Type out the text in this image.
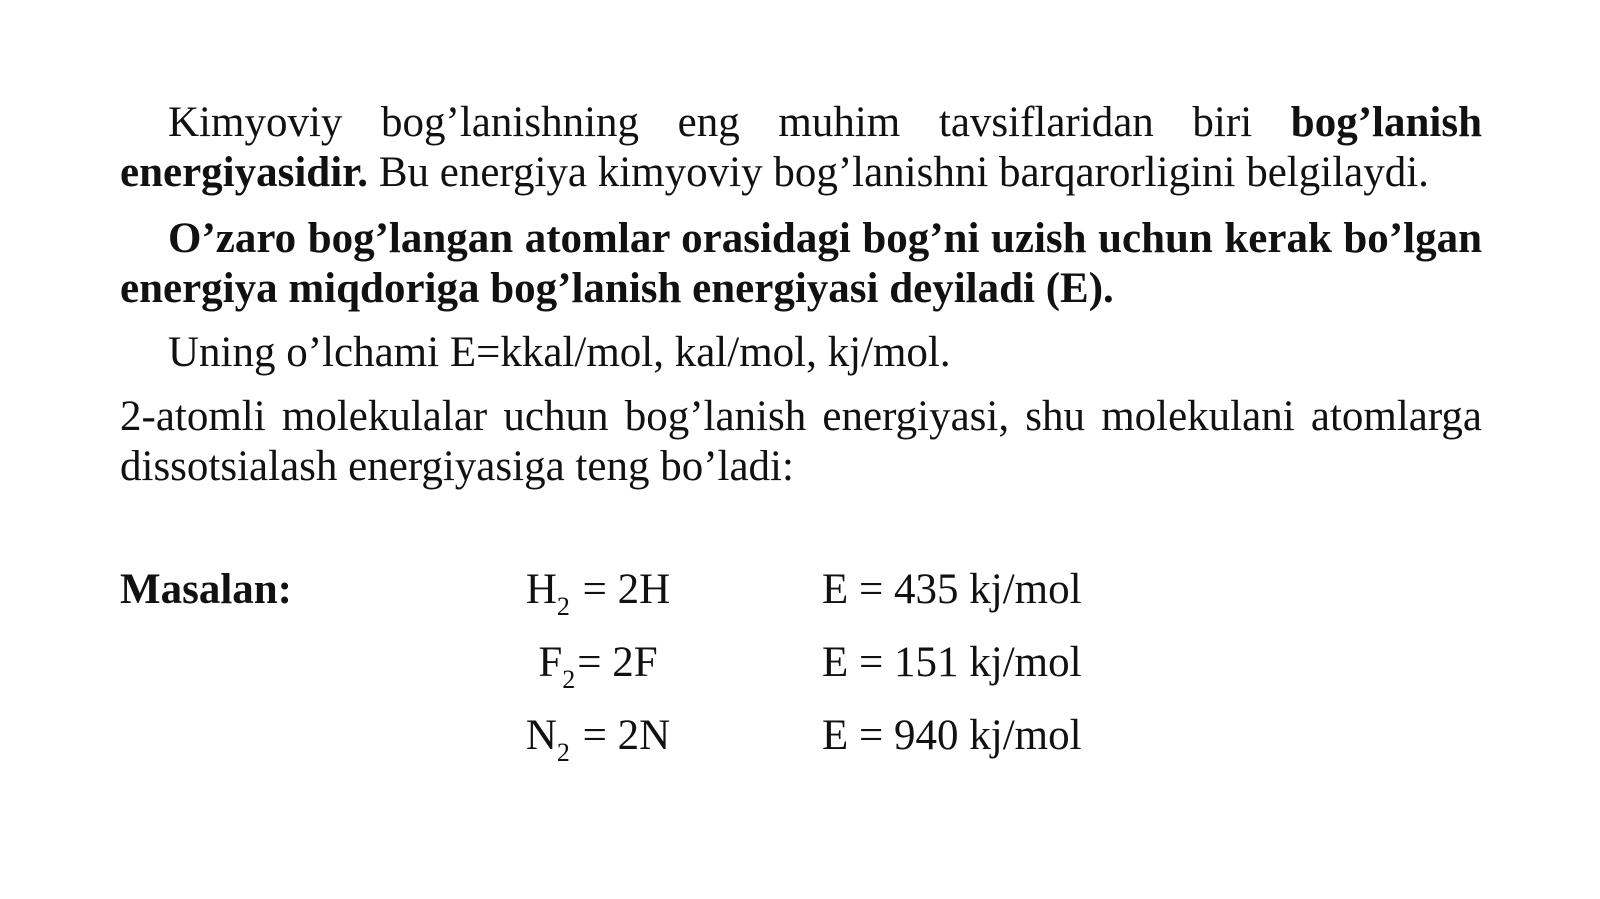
Kimyoviy bog’lanishning eng muhim tavsiflaridan biri bog’lanish energiyasidir. Bu energiya kimyoviy bog’lanishni barqarorligini belgilaydi.

O’zaro bog’langan atomlar orasidagi bog’ni uzish uchun kerak bo’lgan energiya miqdoriga bog’lanish energiyasi deyiladi (E).

Uning o’lchami E=kkal/mol, kal/mol, kj/mol.

2-atomli molekulalar uchun bog’lanish energiyasi, shu molekulani atomlarga dissotsialash energiyasiga teng bo’ladi:

Masalan:	$H_2 = 2H$	E = 435 kj/mol
$F_2= 2F$	E = 151 kj/mol
$N_2 = 2N$	E = 940 kj/mol
